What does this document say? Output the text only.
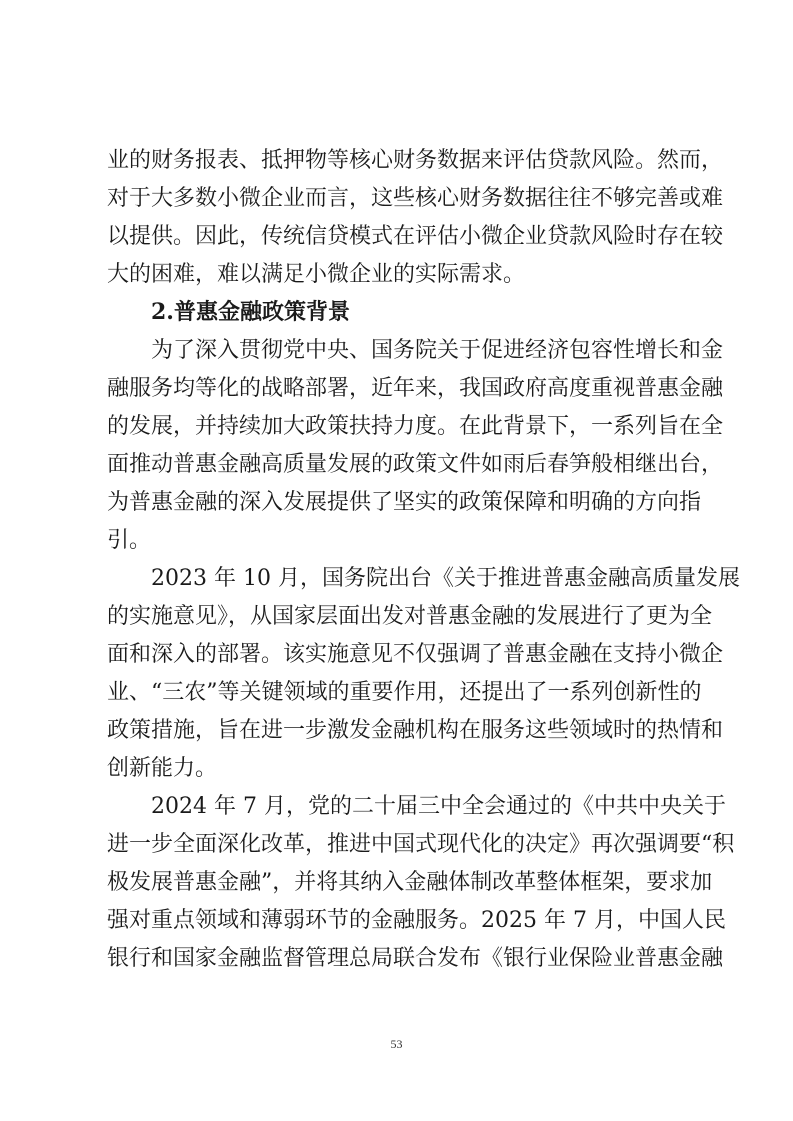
业的财务报表、抵押物等核心财务数据来评估贷款风险。然而，
对于大多数小微企业而言，这些核心财务数据往往不够完善或难
以提供。因此，传统信贷模式在评估小微企业贷款风险时存在较
大的困难，难以满足小微企业的实际需求。
2.普惠金融政策背景
为了深入贯彻党中央、国务院关于促进经济包容性增长和金
融服务均等化的战略部署，近年来，我国政府高度重视普惠金融
的发展，并持续加大政策扶持力度。在此背景下，一系列旨在全
面推动普惠金融高质量发展的政策文件如雨后春笋般相继出台，
为普惠金融的深入发展提供了坚实的政策保障和明确的方向指
引。
2023 年 10 月，国务院出台《关于推进普惠金融高质量发展
的实施意见》，从国家层面出发对普惠金融的发展进行了更为全
面和深入的部署。该实施意见不仅强调了普惠金融在支持小微企
业、“三农”等关键领域的重要作用，还提出了一系列创新性的
政策措施，旨在进一步激发金融机构在服务这些领域时的热情和
创新能力。
2024 年 7 月，党的二十届三中全会通过的《中共中央关于
进一步全面深化改革，推进中国式现代化的决定》再次强调要“积
极发展普惠金融”，并将其纳入金融体制改革整体框架，要求加
强对重点领域和薄弱环节的金融服务。2025 年 7 月，中国人民
银行和国家金融监督管理总局联合发布《银行业保险业普惠金融
53
